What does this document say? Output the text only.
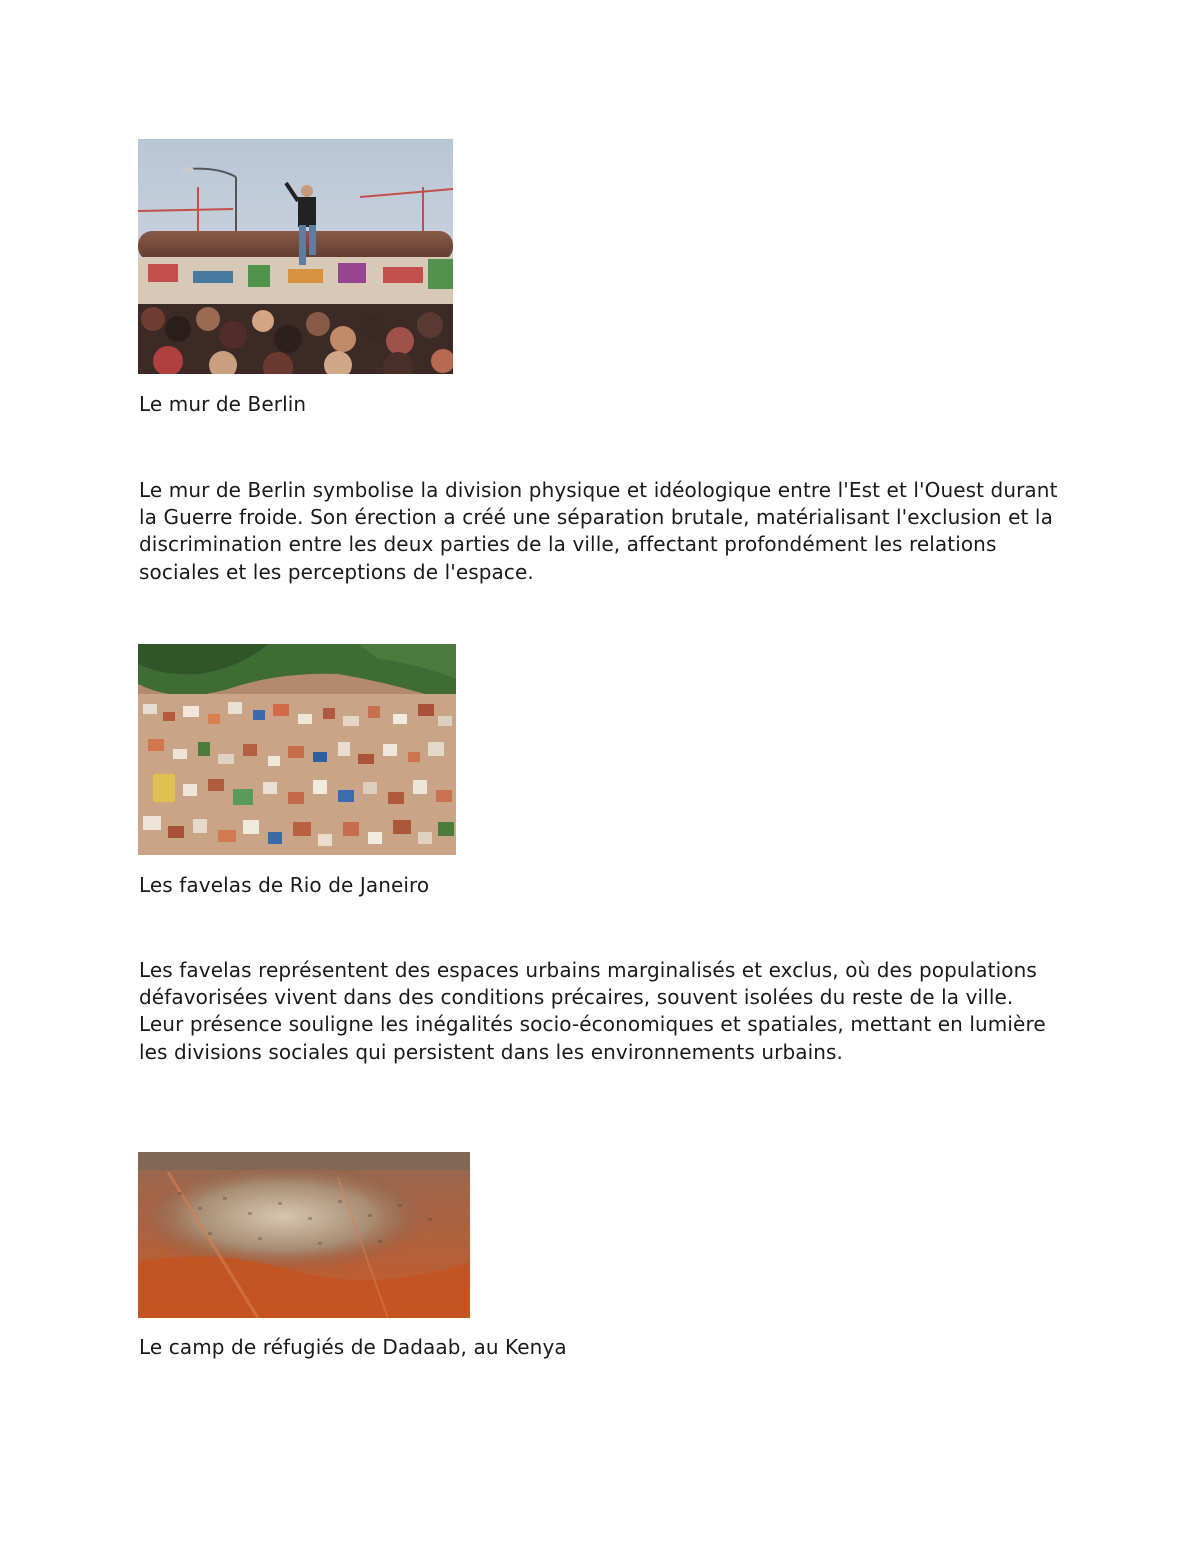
Le mur de Berlin

Le mur de Berlin symbolise la division physique et idéologique entre l'Est et l'Ouest durant la Guerre froide. Son érection a créé une séparation brutale, matérialisant l'exclusion et la discrimination entre les deux parties de la ville, affectant profondément les relations sociales et les perceptions de l'espace.

Les favelas de Rio de Janeiro

Les favelas représentent des espaces urbains marginalisés et exclus, où des populations défavorisées vivent dans des conditions précaires, souvent isolées du reste de la ville. Leur présence souligne les inégalités socio-économiques et spatiales, mettant en lumière les divisions sociales qui persistent dans les environnements urbains.

Le camp de réfugiés de Dadaab, au Kenya
